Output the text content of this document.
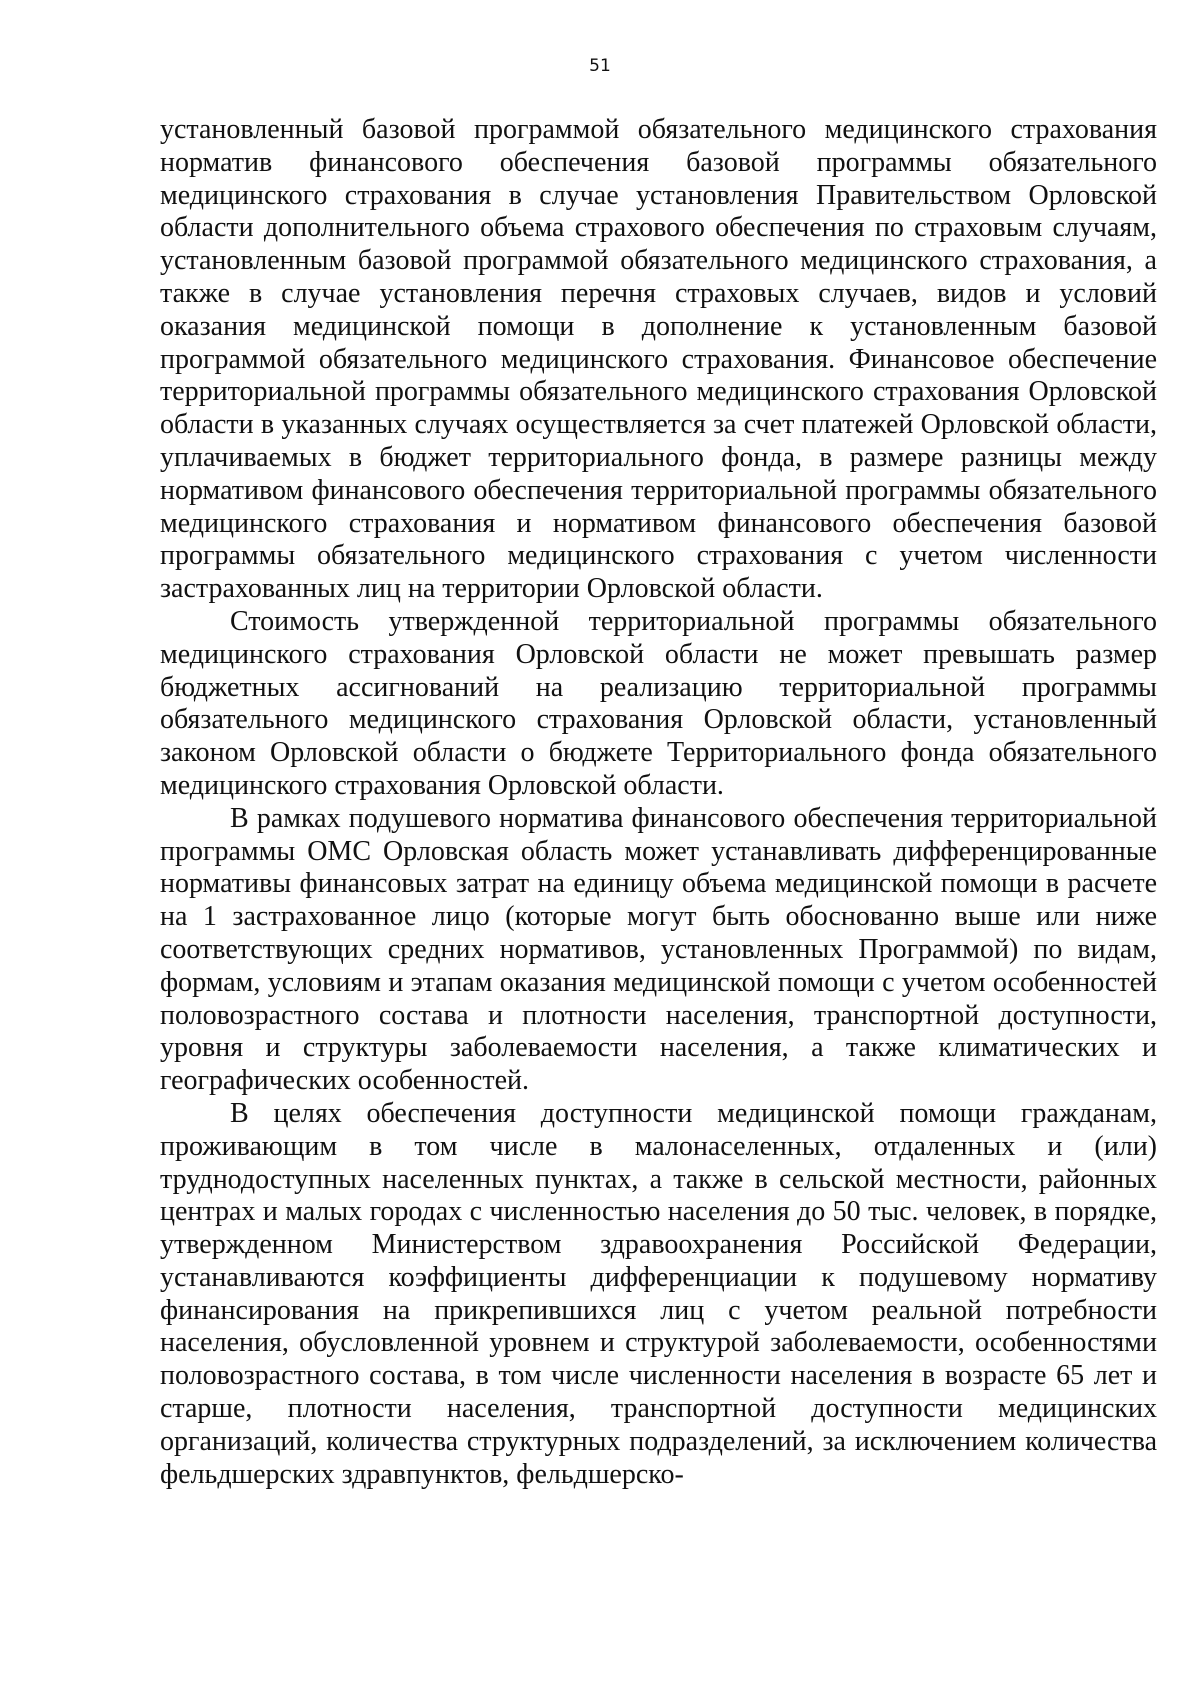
51

установленный базовой программой обязательного медицинского страхования норматив финансового обеспечения базовой программы обязательного медицинского страхования в случае установления Правительством Орловской области дополнительного объема страхового обеспечения по страховым случаям, установленным базовой программой обязательного медицинского страхования, а также в случае установления перечня страховых случаев, видов и условий оказания медицинской помощи в дополнение к установленным базовой программой обязательного медицинского страхования. Финансовое обеспечение территориальной программы обязательного медицинского страхования Орловской области в указанных случаях осуществляется за счет платежей Орловской области, уплачиваемых в бюджет территориального фонда, в размере разницы между нормативом финансового обеспечения территориальной программы обязательного медицинского страхования и нормативом финансового обеспечения базовой программы обязательного медицинского страхования с учетом численности застрахованных лиц на территории Орловской области.

Стоимость утвержденной территориальной программы обязательного медицинского страхования Орловской области не может превышать размер бюджетных ассигнований на реализацию территориальной программы обязательного медицинского страхования Орловской области, установленный законом Орловской области о бюджете Территориального фонда обязательного медицинского страхования Орловской области.

В рамках подушевого норматива финансового обеспечения территориальной программы ОМС Орловская область может устанавливать дифференцированные нормативы финансовых затрат на единицу объема медицинской помощи в расчете на 1 застрахованное лицо (которые могут быть обоснованно выше или ниже соответствующих средних нормативов, установленных Программой) по видам, формам, условиям и этапам оказания медицинской помощи с учетом особенностей половозрастного состава и плотности населения, транспортной доступности, уровня и структуры заболеваемости населения, а также климатических и географических особенностей.

В целях обеспечения доступности медицинской помощи гражданам, проживающим в том числе в малонаселенных, отдаленных и (или) труднодоступных населенных пунктах, а также в сельской местности, районных центрах и малых городах с численностью населения до 50 тыс. человек, в порядке, утвержденном Министерством здравоохранения Российской Федерации, устанавливаются коэффициенты дифференциации к подушевому нормативу финансирования на прикрепившихся лиц с учетом реальной потребности населения, обусловленной уровнем и структурой заболеваемости, особенностями половозрастного состава, в том числе численности населения в возрасте 65 лет и старше, плотности населения, транспортной доступности медицинских организаций, количества структурных подразделений, за исключением количества фельдшерских здравпунктов, фельдшерско-
